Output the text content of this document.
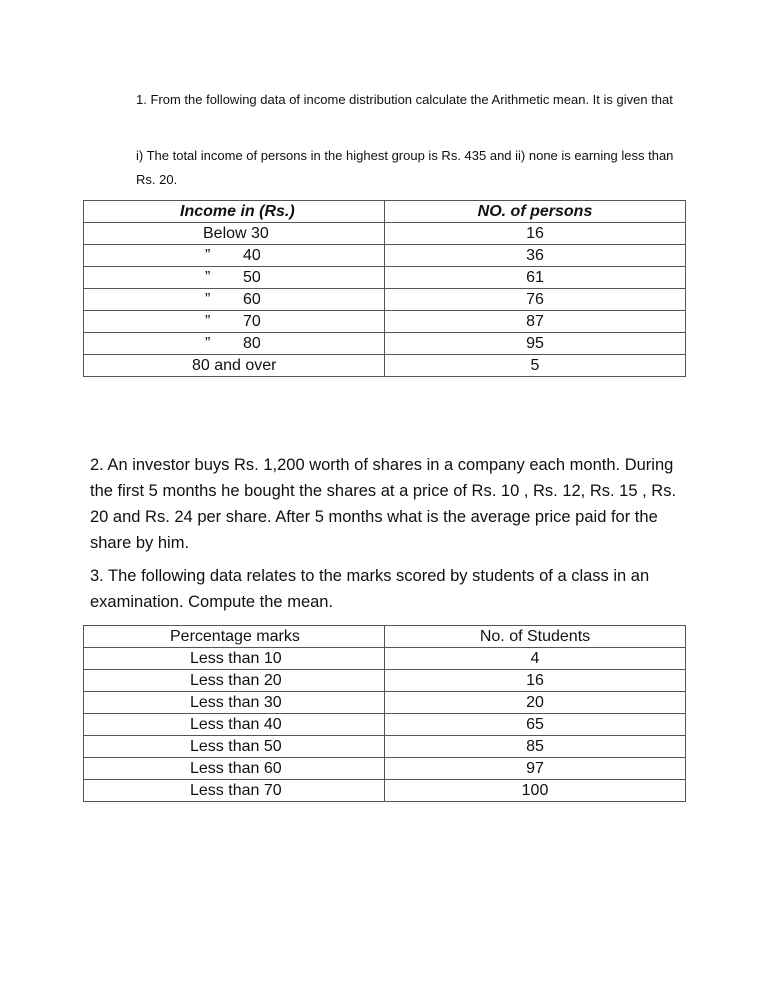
1. From the following data of income distribution calculate the Arithmetic mean. It is given that

i) The total income of persons in the highest group is Rs. 435 and ii) none is earning less than Rs. 20.

Income in (Rs.)	NO. of persons
Below 30	16
” 40	36
” 50	61
” 60	76
” 70	87
” 80	95
80 and over	5

2. An investor buys Rs. 1,200 worth of shares in a company each month. During the first 5 months he bought the shares at a price of Rs. 10 , Rs. 12, Rs. 15 , Rs. 20 and Rs. 24 per share. After 5 months what is the average price paid for the share by him.

3. The following data relates to the marks scored by students of a class in an examination. Compute the mean.

Percentage marks	No. of Students
Less than 10	4
Less than 20	16
Less than 30	20
Less than 40	65
Less than 50	85
Less than 60	97
Less than 70	100
